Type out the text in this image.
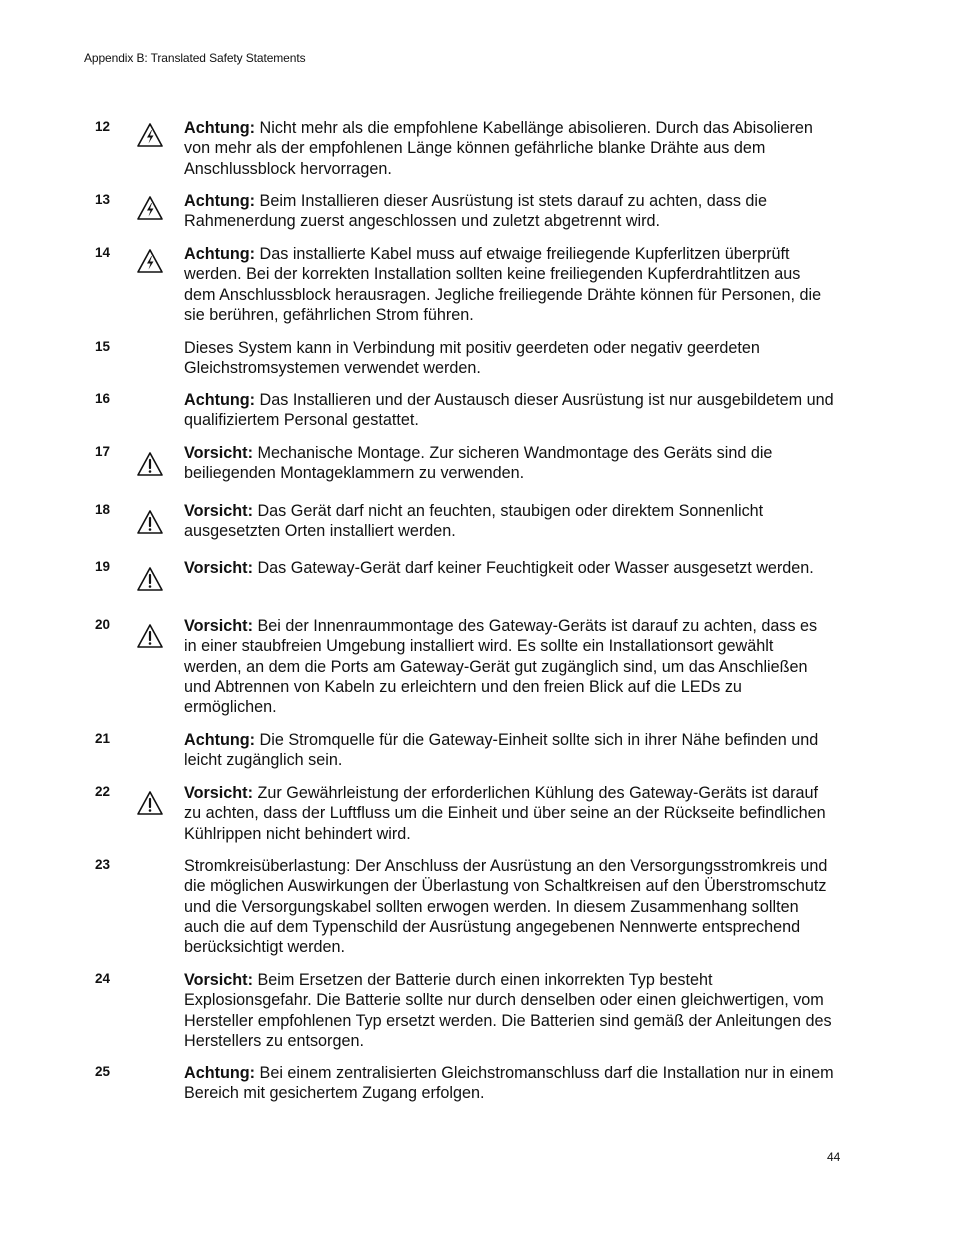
Appendix B: Translated Safety Statements
12	Achtung: Nicht mehr als die empfohlene Kabellänge abisolieren. Durch das Abisolieren von mehr als der empfohlenen Länge können gefährliche blanke Drähte aus dem Anschlussblock hervorragen.
13	Achtung: Beim Installieren dieser Ausrüstung ist stets darauf zu achten, dass die Rahmenerdung zuerst angeschlossen und zuletzt abgetrennt wird.
14	Achtung: Das installierte Kabel muss auf etwaige freiliegende Kupferlitzen überprüft werden. Bei der korrekten Installation sollten keine freiliegenden Kupferdrahtlitzen aus dem Anschlussblock herausragen. Jegliche freiliegende Drähte können für Personen, die sie berühren, gefährlichen Strom führen.
15	Dieses System kann in Verbindung mit positiv geerdeten oder negativ geerdeten Gleichstromsystemen verwendet werden.
16	Achtung: Das Installieren und der Austausch dieser Ausrüstung ist nur ausgebildetem und qualifiziertem Personal gestattet.
17	Vorsicht: Mechanische Montage. Zur sicheren Wandmontage des Geräts sind die beiliegenden Montageklammern zu verwenden.
18	Vorsicht: Das Gerät darf nicht an feuchten, staubigen oder direktem Sonnenlicht ausgesetzten Orten installiert werden.
19	Vorsicht: Das Gateway-Gerät darf keiner Feuchtigkeit oder Wasser ausgesetzt werden.
20	Vorsicht: Bei der Innenraummontage des Gateway-Geräts ist darauf zu achten, dass es in einer staubfreien Umgebung installiert wird. Es sollte ein Installationsort gewählt werden, an dem die Ports am Gateway-Gerät gut zugänglich sind, um das Anschließen und Abtrennen von Kabeln zu erleichtern und den freien Blick auf die LEDs zu ermöglichen.
21	Achtung: Die Stromquelle für die Gateway-Einheit sollte sich in ihrer Nähe befinden und leicht zugänglich sein.
22	Vorsicht: Zur Gewährleistung der erforderlichen Kühlung des Gateway-Geräts ist darauf zu achten, dass der Luftfluss um die Einheit und über seine an der Rückseite befindlichen Kühlrippen nicht behindert wird.
23	Stromkreisüberlastung: Der Anschluss der Ausrüstung an den Versorgungsstromkreis und die möglichen Auswirkungen der Überlastung von Schaltkreisen auf den Überstromschutz und die Versorgungskabel sollten erwogen werden. In diesem Zusammenhang sollten auch die auf dem Typenschild der Ausrüstung angegebenen Nennwerte entsprechend berücksichtigt werden.
24	Vorsicht: Beim Ersetzen der Batterie durch einen inkorrekten Typ besteht Explosionsgefahr. Die Batterie sollte nur durch denselben oder einen gleichwertigen, vom Hersteller empfohlenen Typ ersetzt werden. Die Batterien sind gemäß der Anleitungen des Herstellers zu entsorgen.
25	Achtung: Bei einem zentralisierten Gleichstromanschluss darf die Installation nur in einem Bereich mit gesichertem Zugang erfolgen.
44
